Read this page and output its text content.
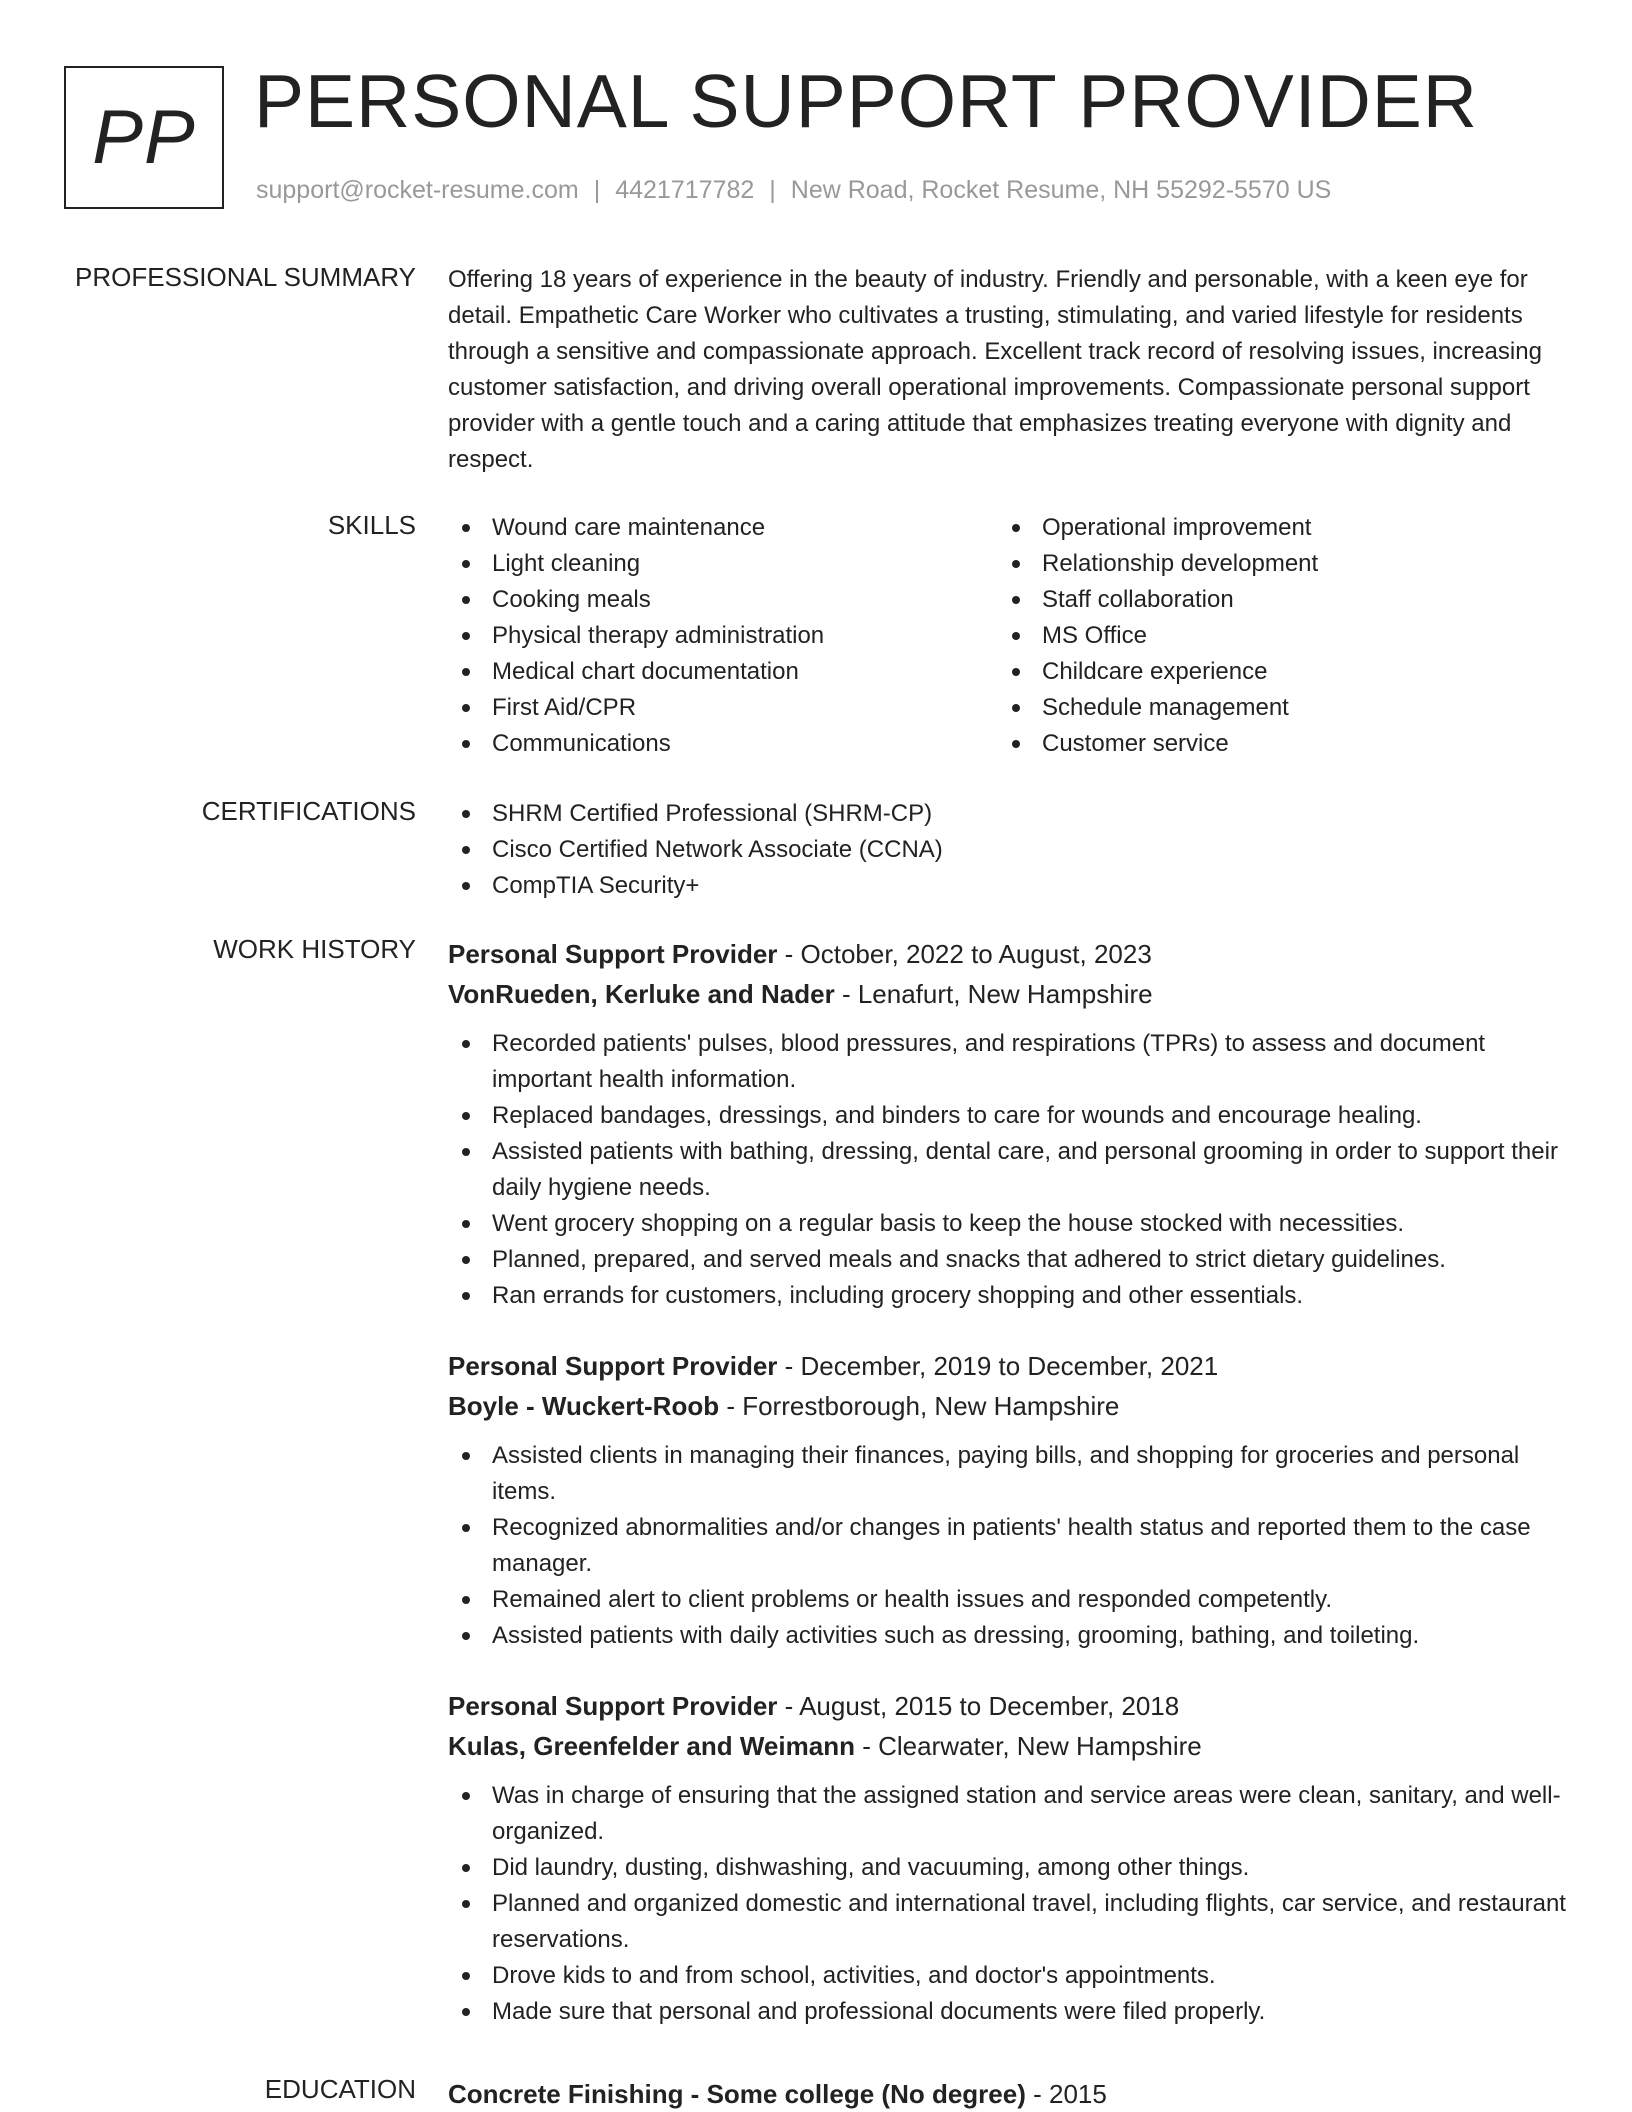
PP PERSONAL SUPPORT PROVIDER
support@rocket-resume.com | 4421717782 | New Road, Rocket Resume, NH 55292-5570 US
PROFESSIONAL SUMMARY Offering 18 years of experience in the beauty of industry. Friendly and personable, with a keen eye for detail. Empathetic Care Worker who cultivates a trusting, stimulating, and varied lifestyle for residents through a sensitive and compassionate approach. Excellent track record of resolving issues, increasing customer satisfaction, and driving overall operational improvements. Compassionate personal support provider with a gentle touch and a caring attitude that emphasizes treating everyone with dignity and respect.
SKILLS	Wound care maintenance
Light cleaning
Cooking meals
Physical therapy administration
Medical chart documentation
First Aid/CPR
Communications
Operational improvement
Relationship development
Staff collaboration
MS Office
Childcare experience
Schedule management
Customer service
CERTIFICATIONS	SHRM Certified Professional (SHRM-CP)
Cisco Certified Network Associate (CCNA)
CompTIA Security+
WORK HISTORY Personal Support Provider - October, 2022 to August, 2023
VonRueden, Kerluke and Nader - Lenafurt, New Hampshire
Recorded patients' pulses, blood pressures, and respirations (TPRs) to assess and document important health information.
Replaced bandages, dressings, and binders to care for wounds and encourage healing.
Assisted patients with bathing, dressing, dental care, and personal grooming in order to support their daily hygiene needs.
Went grocery shopping on a regular basis to keep the house stocked with necessities.
Planned, prepared, and served meals and snacks that adhered to strict dietary guidelines.
Ran errands for customers, including grocery shopping and other essentials.
Personal Support Provider - December, 2019 to December, 2021
Boyle - Wuckert-Roob - Forrestborough, New Hampshire
Assisted clients in managing their finances, paying bills, and shopping for groceries and personal items.
Recognized abnormalities and/or changes in patients' health status and reported them to the case manager.
Remained alert to client problems or health issues and responded competently.
Assisted patients with daily activities such as dressing, grooming, bathing, and toileting.
Personal Support Provider - August, 2015 to December, 2018
Kulas, Greenfelder and Weimann - Clearwater, New Hampshire
Was in charge of ensuring that the assigned station and service areas were clean, sanitary, and well-organized.
Did laundry, dusting, dishwashing, and vacuuming, among other things.
Planned and organized domestic and international travel, including flights, car service, and restaurant reservations.
Drove kids to and from school, activities, and doctor's appointments.
Made sure that personal and professional documents were filed properly.
EDUCATION Concrete Finishing - Some college (No degree) - 2015
